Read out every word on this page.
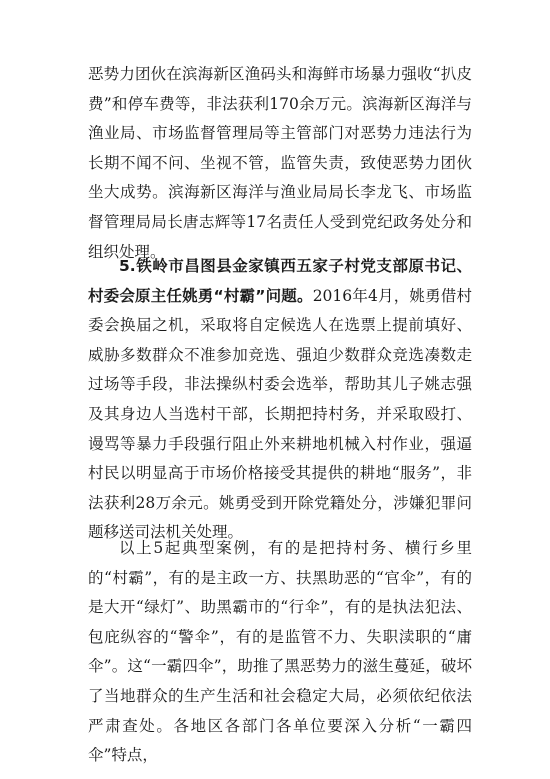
恶势力团伙在滨海新区渔码头和海鲜市场暴力强收“扒皮费”和停车费等，非法获利170余万元。滨海新区海洋与渔业局、市场监督管理局等主管部门对恶势力违法行为长期不闻不问、坐视不管，监管失责，致使恶势力团伙坐大成势。滨海新区海洋与渔业局局长李龙飞、市场监督管理局局长唐志辉等17名责任人受到党纪政务处分和组织处理。

5.铁岭市昌图县金家镇西五家子村党支部原书记、村委会原主任姚勇“村霸”问题。2016年4月，姚勇借村委会换届之机，采取将自定候选人在选票上提前填好、威胁多数群众不准参加竞选、强迫少数群众竞选凑数走过场等手段，非法操纵村委会选举，帮助其儿子姚志强及其身边人当选村干部，长期把持村务，并采取殴打、谩骂等暴力手段强行阻止外来耕地机械入村作业，强逼村民以明显高于市场价格接受其提供的耕地“服务”，非法获利28万余元。姚勇受到开除党籍处分，涉嫌犯罪问题移送司法机关处理。

以上5起典型案例，有的是把持村务、横行乡里的“村霸”，有的是主政一方、扶黑助恶的“官伞”，有的是大开“绿灯”、助黑霸市的“行伞”，有的是执法犯法、包庇纵容的“警伞”，有的是监管不力、失职渎职的“庸伞”。这“一霸四伞”，助推了黑恶势力的滋生蔓延，破坏了当地群众的生产生活和社会稳定大局，必须依纪依法严肃查处。各地区各部门各单位要深入分析“一霸四伞”特点，
